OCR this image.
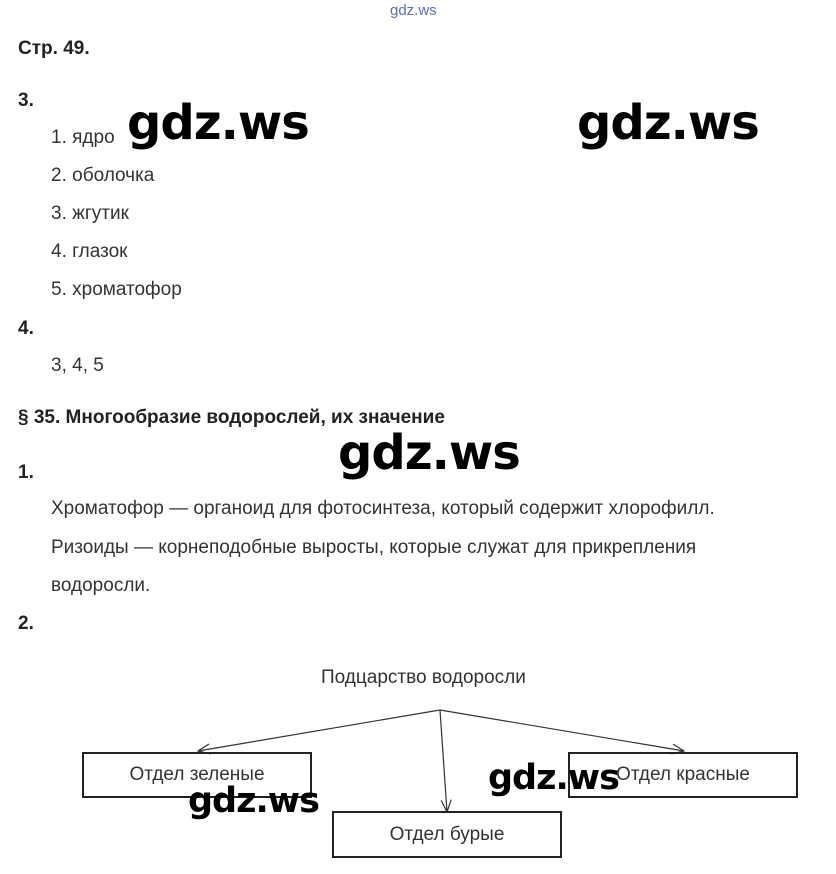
gdz.ws
Стр. 49.
3.
1. ядро
2. оболочка
3. жгутик
4. глазок
5. хроматофор
4.
3, 4, 5
§ 35. Многообразие водорослей, их значение
1.
Хроматофор — органоид для фотосинтеза, который содержит хлорофилл.
Ризоиды — корнеподобные выросты, которые служат для прикрепления
водоросли.
2.
Подцарство водоросли
Отдел зеленые
Отдел бурые
Отдел красные
gdz.ws	gdz.ws
gdz.ws
gdz.ws
gdz.ws
